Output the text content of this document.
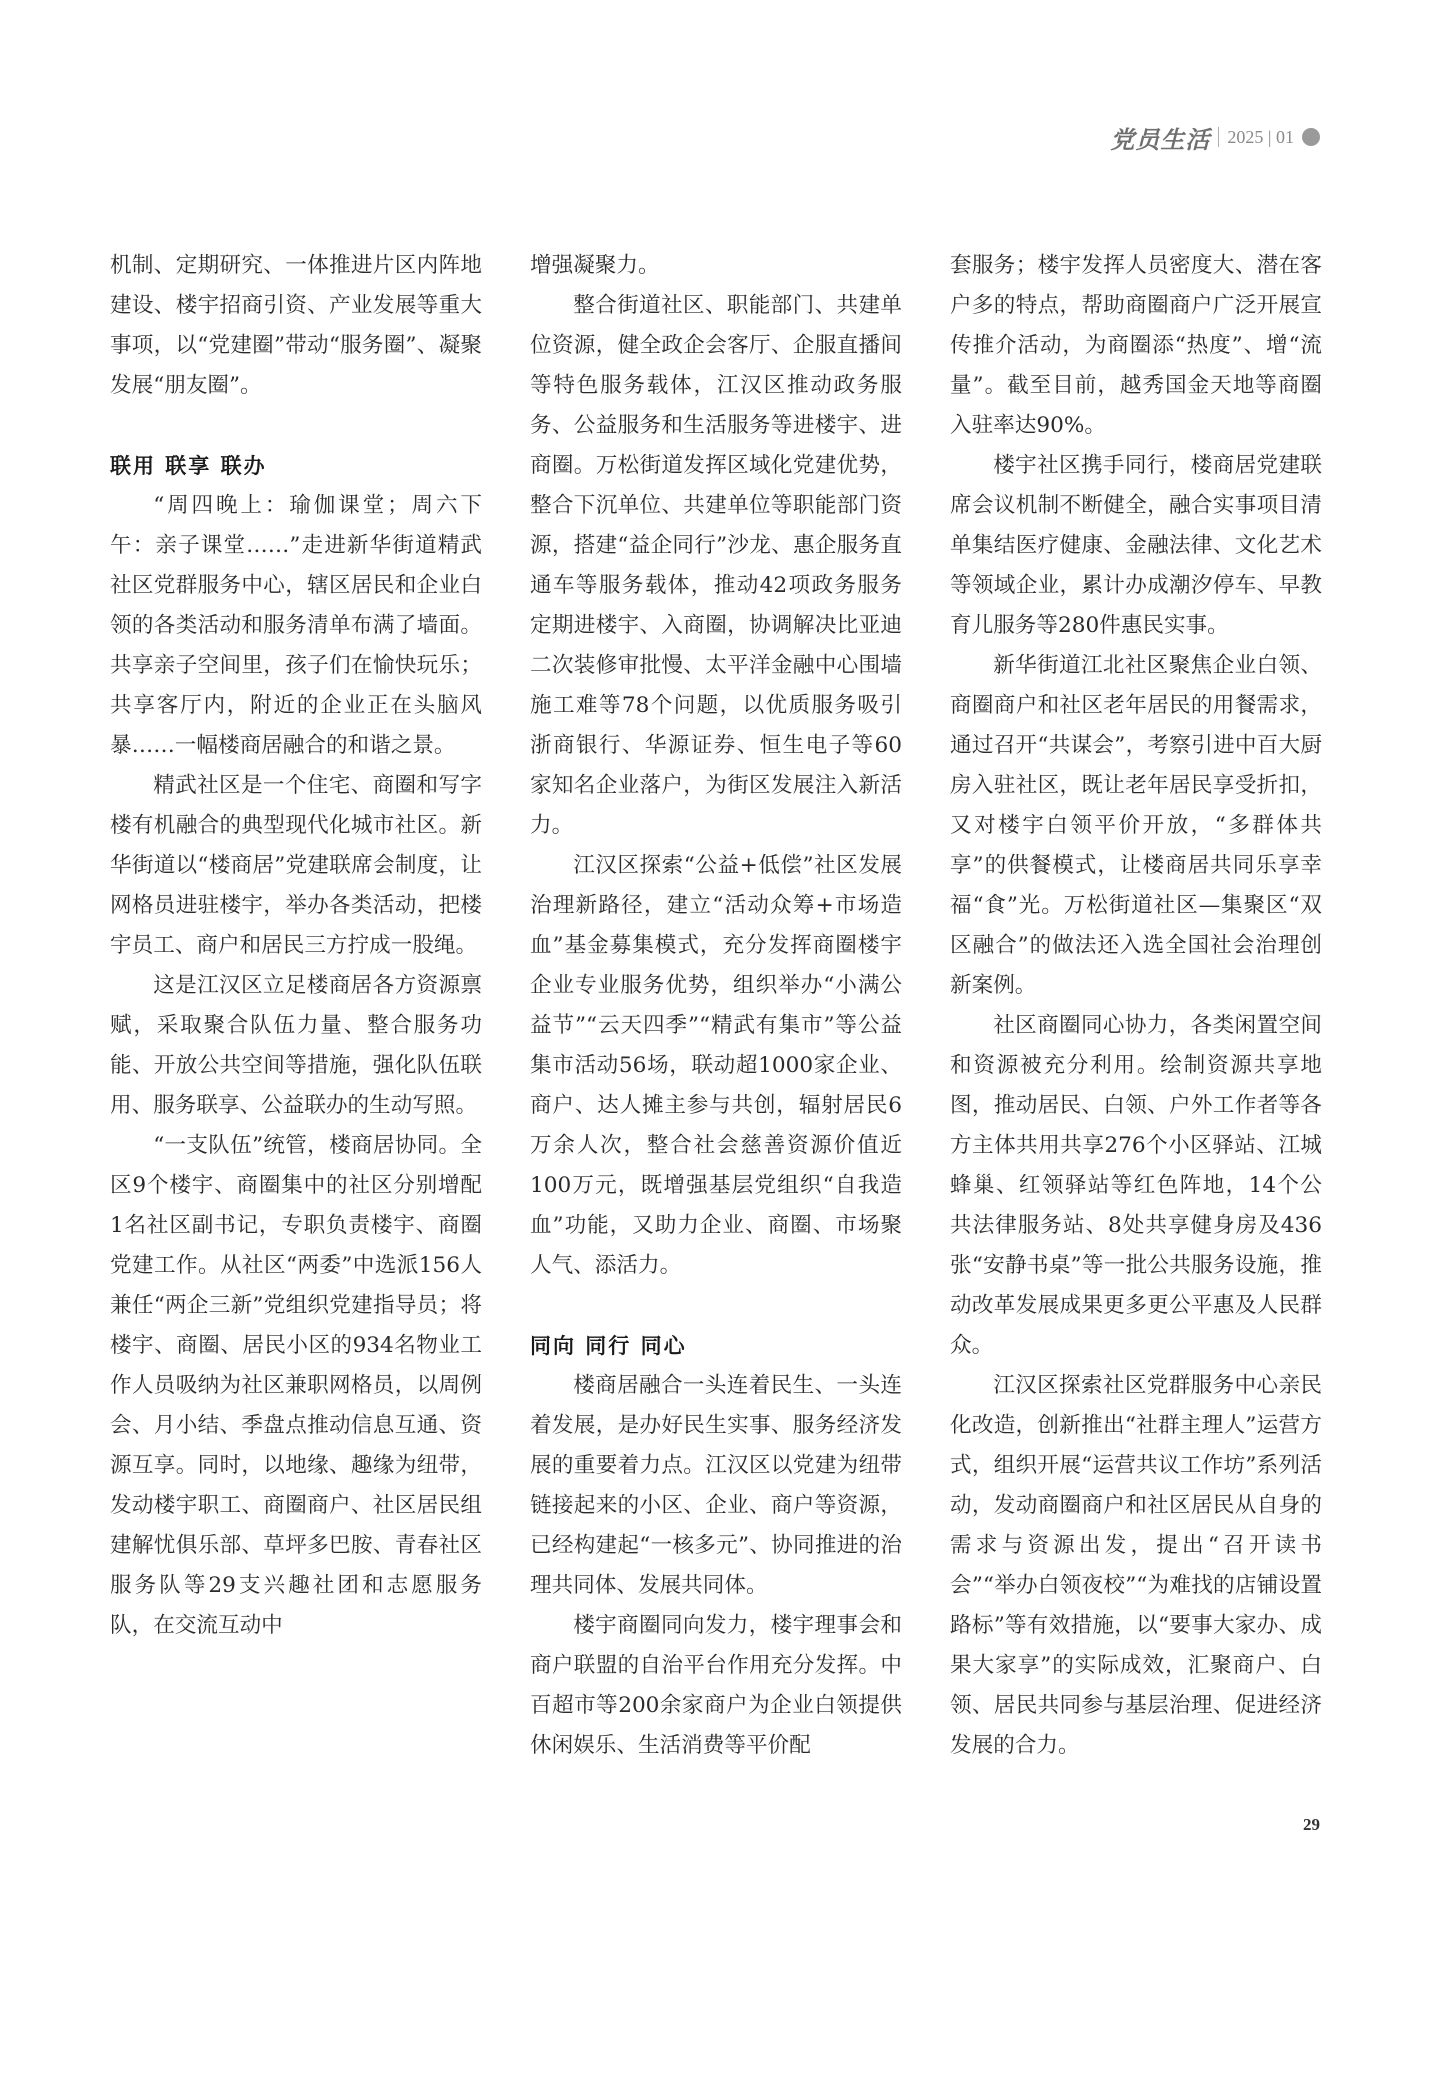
党员生活 2025 | 01

机制、定期研究、一体推进片区内阵地建设、楼宇招商引资、产业发展等重大事项，以“党建圈”带动“服务圈”、凝聚发展“朋友圈”。

联用 联享 联办

“周四晚上：瑜伽课堂；周六下午：亲子课堂……”走进新华街道精武社区党群服务中心，辖区居民和企业白领的各类活动和服务清单布满了墙面。共享亲子空间里，孩子们在愉快玩乐；共享客厅内，附近的企业正在头脑风暴……一幅楼商居融合的和谐之景。

精武社区是一个住宅、商圈和写字楼有机融合的典型现代化城市社区。新华街道以“楼商居”党建联席会制度，让网格员进驻楼宇，举办各类活动，把楼宇员工、商户和居民三方拧成一股绳。

这是江汉区立足楼商居各方资源禀赋，采取聚合队伍力量、整合服务功能、开放公共空间等措施，强化队伍联用、服务联享、公益联办的生动写照。

“一支队伍”统管，楼商居协同。全区9个楼宇、商圈集中的社区分别增配1名社区副书记，专职负责楼宇、商圈党建工作。从社区“两委”中选派156人兼任“两企三新”党组织党建指导员；将楼宇、商圈、居民小区的934名物业工作人员吸纳为社区兼职网格员，以周例会、月小结、季盘点推动信息互通、资源互享。同时，以地缘、趣缘为纽带，发动楼宇职工、商圈商户、社区居民组建解忧俱乐部、草坪多巴胺、青春社区服务队等29支兴趣社团和志愿服务队，在交流互动中

增强凝聚力。

整合街道社区、职能部门、共建单位资源，健全政企会客厅、企服直播间等特色服务载体，江汉区推动政务服务、公益服务和生活服务等进楼宇、进商圈。万松街道发挥区域化党建优势，整合下沉单位、共建单位等职能部门资源，搭建“益企同行”沙龙、惠企服务直通车等服务载体，推动42项政务服务定期进楼宇、入商圈，协调解决比亚迪二次装修审批慢、太平洋金融中心围墙施工难等78个问题，以优质服务吸引浙商银行、华源证券、恒生电子等60家知名企业落户，为街区发展注入新活力。

江汉区探索“公益+低偿”社区发展治理新路径，建立“活动众筹+市场造血”基金募集模式，充分发挥商圈楼宇企业专业服务优势，组织举办“小满公益节”“云天四季”“精武有集市”等公益集市活动56场，联动超1000家企业、商户、达人摊主参与共创，辐射居民6万余人次，整合社会慈善资源价值近100万元，既增强基层党组织“自我造血”功能，又助力企业、商圈、市场聚人气、添活力。

同向 同行 同心

楼商居融合一头连着民生、一头连着发展，是办好民生实事、服务经济发展的重要着力点。江汉区以党建为纽带链接起来的小区、企业、商户等资源，已经构建起“一核多元”、协同推进的治理共同体、发展共同体。

楼宇商圈同向发力，楼宇理事会和商户联盟的自治平台作用充分发挥。中百超市等200余家商户为企业白领提供休闲娱乐、生活消费等平价配

套服务；楼宇发挥人员密度大、潜在客户多的特点，帮助商圈商户广泛开展宣传推介活动，为商圈添“热度”、增“流量”。截至目前，越秀国金天地等商圈入驻率达90%。

楼宇社区携手同行，楼商居党建联席会议机制不断健全，融合实事项目清单集结医疗健康、金融法律、文化艺术等领域企业，累计办成潮汐停车、早教育儿服务等280件惠民实事。

新华街道江北社区聚焦企业白领、商圈商户和社区老年居民的用餐需求，通过召开“共谋会”，考察引进中百大厨房入驻社区，既让老年居民享受折扣，又对楼宇白领平价开放，“多群体共享”的供餐模式，让楼商居共同乐享幸福“食”光。万松街道社区—集聚区“双区融合”的做法还入选全国社会治理创新案例。

社区商圈同心协力，各类闲置空间和资源被充分利用。绘制资源共享地图，推动居民、白领、户外工作者等各方主体共用共享276个小区驿站、江城蜂巢、红领驿站等红色阵地，14个公共法律服务站、8处共享健身房及436张“安静书桌”等一批公共服务设施，推动改革发展成果更多更公平惠及人民群众。

江汉区探索社区党群服务中心亲民化改造，创新推出“社群主理人”运营方式，组织开展“运营共议工作坊”系列活动，发动商圈商户和社区居民从自身的需求与资源出发，提出“召开读书会”“举办白领夜校”“为难找的店铺设置路标”等有效措施，以“要事大家办、成果大家享”的实际成效，汇聚商户、白领、居民共同参与基层治理、促进经济发展的合力。

29
